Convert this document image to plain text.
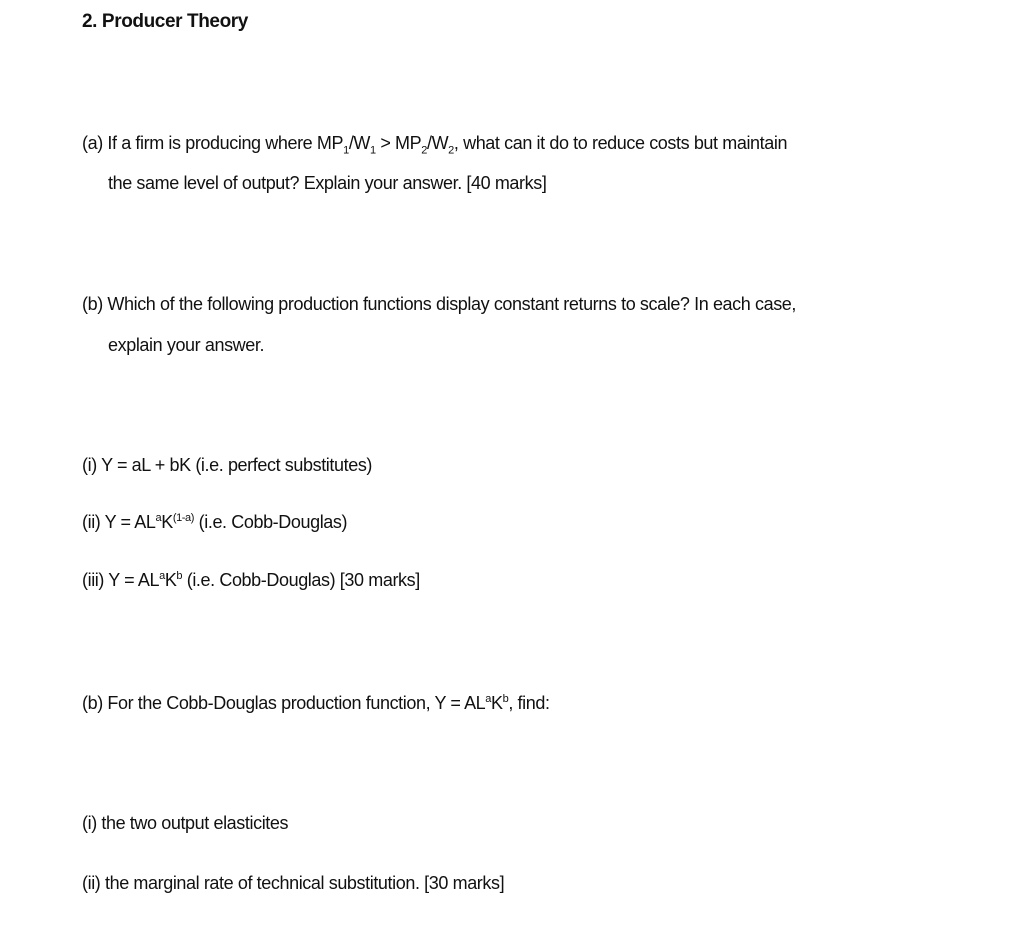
2. Producer Theory
(a) If a firm is producing where $MP_1/W_1 > MP_2/W_2$, what can it do to reduce costs but maintain
the same level of output? Explain your answer. [40 marks]
(b) Which of the following production functions display constant returns to scale? In each case,
explain your answer.
(i) Y = aL + bK (i.e. perfect substitutes)
(ii) $Y = AL^aK^{(1-a)}$ (i.e. Cobb-Douglas)
(iii) $Y = AL^aK^b$ (i.e. Cobb-Douglas) [30 marks]
(b) For the Cobb-Douglas production function, $Y = AL^aK^b$, find:
(i) the two output elasticites
(ii) the marginal rate of technical substitution. [30 marks]
